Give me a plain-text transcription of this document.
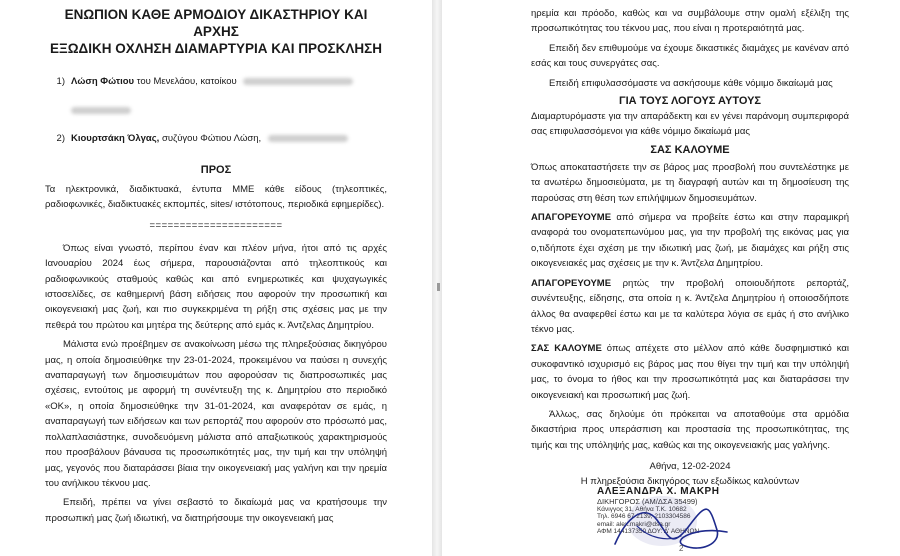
ΕΝΩΠΙΟΝ ΚΑΘΕ ΑΡΜΟΔΙΟΥ ΔΙΚΑΣΤΗΡΙΟΥ ΚΑΙ ΑΡΧΗΣ

ΕΞΩΔΙΚΗ ΟΧΛΗΣΗ ΔΙΑΜΑΡΤΥΡΙΑ ΚΑΙ ΠΡΟΣΚΛΗΣΗ

1) Λώση Φώτιου του Μενελάου, κατοίκου

2) Κιουρτσάκη Όλγας, συζύγου Φώτιου Λώση,

ΠΡΟΣ

Τα ηλεκτρονικά, διαδικτυακά, έντυπα ΜΜΕ κάθε είδους (τηλεοπτικές, ραδιοφωνικές, διαδικτυακές εκπομπές, sites/ ιστότοπους, περιοδικά εφημερίδες).

======================

Όπως είναι γνωστό, περίπου έναν και πλέον μήνα, ήτοι από τις αρχές Ιανουαρίου 2024 έως σήμερα, παρουσιάζονται από τηλεοπτικούς και ραδιοφωνικούς σταθμούς καθώς και από ενημερωτικές και ψυχαγωγικές ιστοσελίδες, σε καθημερινή βάση ειδήσεις που αφορούν την προσωπική και οικογενειακή μας ζωή, και πιο συγκεκριμένα τη ρήξη στις σχέσεις μας με την πεθερά του πρώτου και μητέρα της δεύτερης από εμάς κ. Άντζελας Δημητρίου.

Μάλιστα ενώ προέβημεν σε ανακοίνωση μέσω της πληρεξούσιας δικηγόρου μας, η οποία δημοσιεύθηκε την 23-01-2024, προκειμένου να παύσει η συνεχής αναπαραγωγή των δημοσιευμάτων που αφορούσαν τις διαπροσωπικές μας σχέσεις, εντούτοις με αφορμή τη συνέντευξη της κ. Δημητρίου στο περιοδικό «ΟΚ», η οποία δημοσιεύθηκε την 31-01-2024, και αναφερόταν σε εμάς, η αναπαραγωγή των ειδήσεων και των ρεπορτάζ που αφορούν στο πρόσωπό μας, πολλαπλασιάστηκε, συνοδευόμενη μάλιστα από απαξιωτικούς χαρακτηρισμούς που προσβάλουν βάναυσα τις προσωπικότητές μας, την τιμή και την υπόληψή μας, γεγονός που διαταράσσει βίαια την οικογενειακή μας γαλήνη και την ηρεμία του ανήλικου τέκνου μας.

Επειδή, πρέπει να γίνει σεβαστό το δικαίωμά μας να κρατήσουμε την προσωπική μας ζωή ιδιωτική, να διατηρήσουμε την οικογενειακή μας

ηρεμία και πρόοδο, καθώς και να συμβάλουμε στην ομαλή εξέλιξη της προσωπικότητας του τέκνου μας, που είναι η προτεραιότητά μας.

Επειδή δεν επιθυμούμε να έχουμε δικαστικές διαμάχες με κανέναν από εσάς και τους συνεργάτες σας.

Επειδή επιφυλασσόμαστε να ασκήσουμε κάθε νόμιμο δικαίωμά μας

ΓΙΑ ΤΟΥΣ ΛΟΓΟΥΣ ΑΥΤΟΥΣ

Διαμαρτυρόμαστε για την απαράδεκτη και εν γένει παράνομη συμπεριφορά σας επιφυλασσόμενοι για κάθε νόμιμο δικαίωμά μας

ΣΑΣ ΚΑΛΟΥΜΕ

Όπως αποκαταστήσετε την σε βάρος μας προσβολή που συντελέστηκε με τα ανωτέρω δημοσιεύματα, με τη διαγραφή αυτών και τη δημοσίευση της παρούσας στη θέση των επιλήψιμων δημοσιευμάτων.

ΑΠΑΓΟΡΕΥΟΥΜΕ από σήμερα να προβείτε έστω και στην παραμικρή αναφορά του ονοματεπωνύμου μας, για την προβολή της εικόνας μας για ο,τιδήποτε έχει σχέση με την ιδιωτική μας ζωή, με διαμάχες και ρήξη στις οικογενειακές μας σχέσεις με την κ. Άντζελα Δημητρίου.

ΑΠΑΓΟΡΕΥΟΥΜΕ ρητώς την προβολή οποιουδήποτε ρεπορτάζ, συνέντευξης, είδησης, στα οποία η κ. Άντζελα Δημητρίου ή οποιοσδήποτε άλλος θα αναφερθεί έστω και με τα καλύτερα λόγια σε εμάς ή στο ανήλικο τέκνο μας.

ΣΑΣ ΚΑΛΟΥΜΕ όπως απέχετε στο μέλλον από κάθε δυσφημιστικό και συκοφαντικό ισχυρισμό εις βάρος μας που θίγει την τιμή και την υπόληψή μας, το όνομα το ήθος και την προσωπικότητά μας και διαταράσσει την οικογενειακή και προσωπική μας ζωή.

Άλλως, σας δηλούμε ότι πρόκειται να αποταθούμε στα αρμόδια δικαστήρια προς υπεράσπιση και προστασία της προσωπικότητας, της τιμής και της υπόληψής μας, καθώς και της οικογενειακής μας γαλήνης.

Αθήνα, 12-02-2024

Η πληρεξούσια δικηγόρος των εξωδίκως καλούντων

ΑΛΕΞΑΝΔΡΑ Χ. ΜΑΚΡΗ

ΔΙΚΗΓΟΡΟΣ (ΑΜ/ΔΣΑ 35499)

Κάνιγγος 31, Αθήνα Τ.Κ. 10682

Τηλ. 6946 67 2139, 2103304586

email: alex.makri@dsa.gr

ΑΦΜ 144137350 ΔΟΥ: Δ' ΑΘΗΝΩΝ

2
